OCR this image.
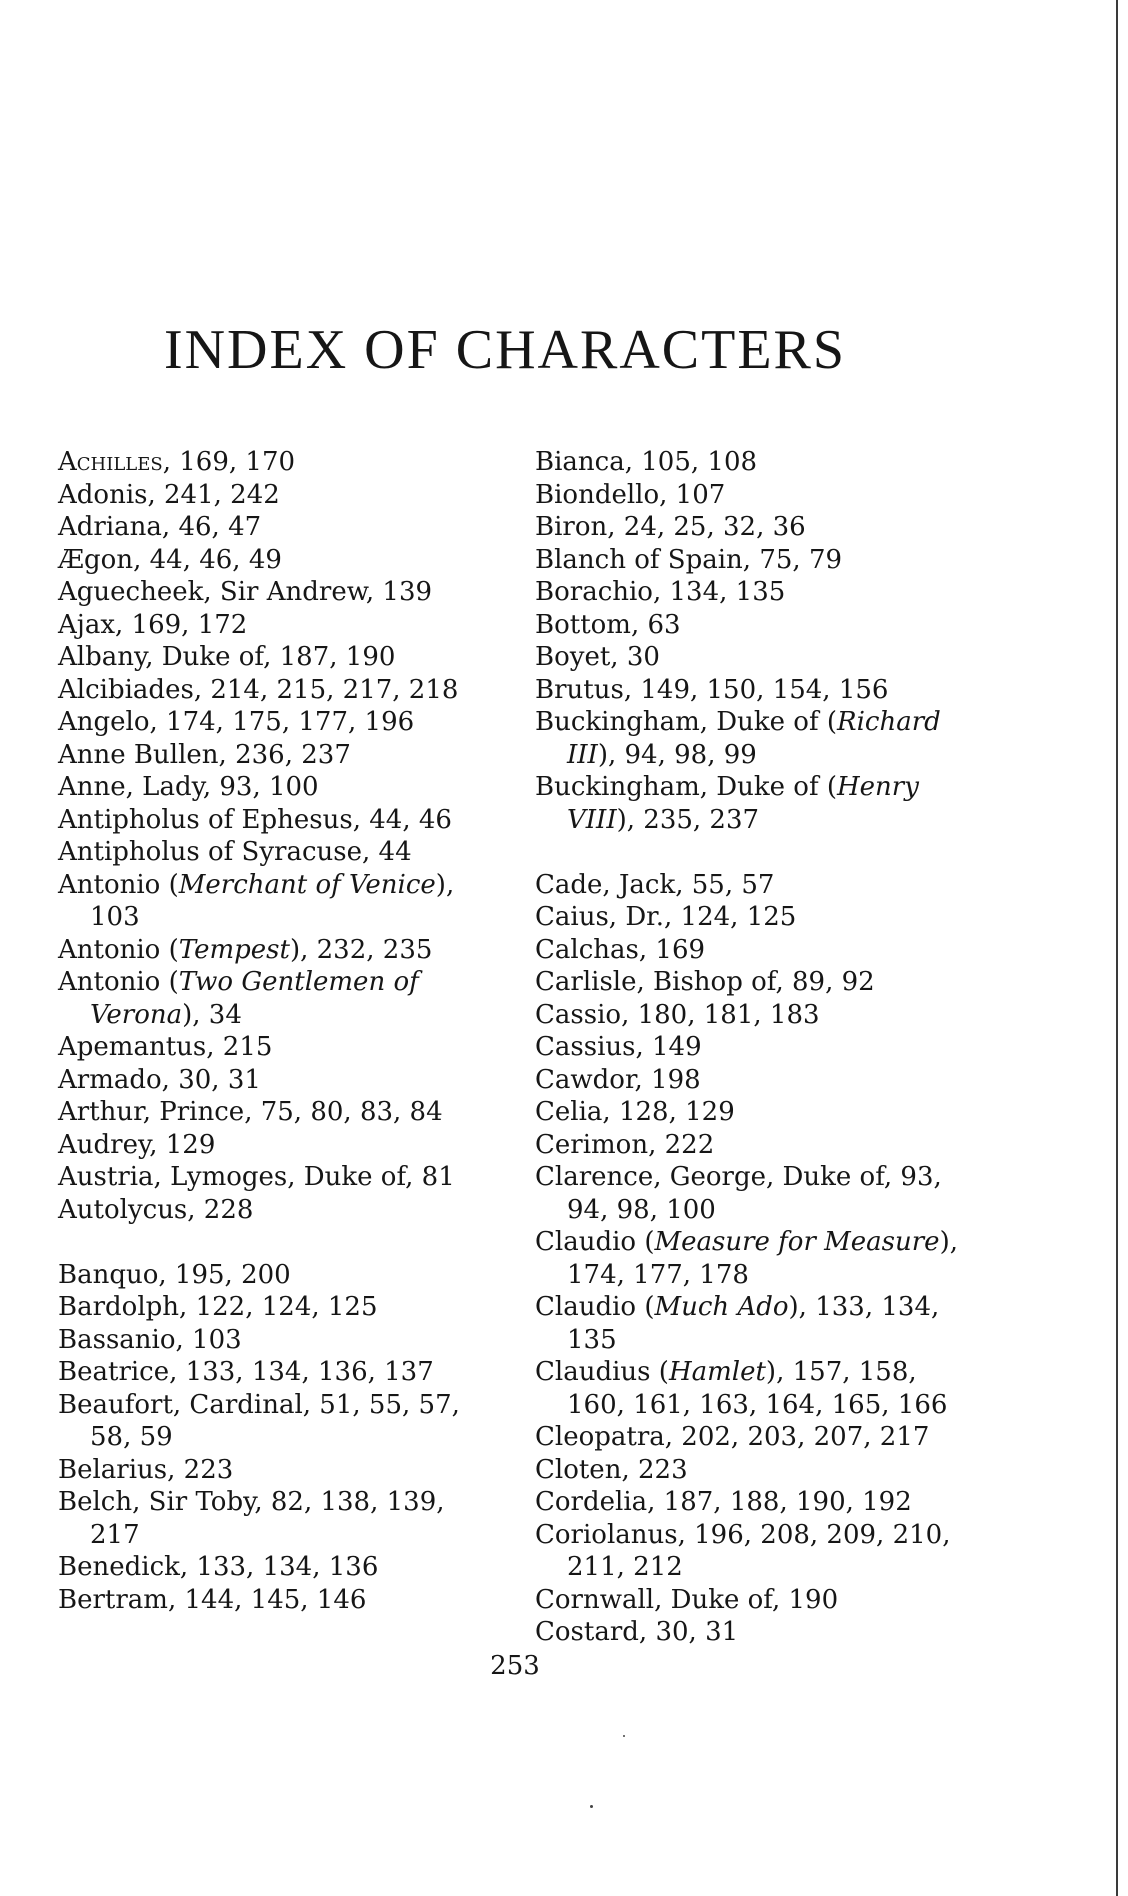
INDEX OF CHARACTERS
Achilles, 169, 170
Adonis, 241, 242
Adriana, 46, 47
Ægon, 44, 46, 49
Aguecheek, Sir Andrew, 139
Ajax, 169, 172
Albany, Duke of, 187, 190
Alcibiades, 214, 215, 217, 218
Angelo, 174, 175, 177, 196
Anne Bullen, 236, 237
Anne, Lady, 93, 100
Antipholus of Ephesus, 44, 46
Antipholus of Syracuse, 44
Antonio (Merchant of Venice), 103
Antonio (Tempest), 232, 235
Antonio (Two Gentlemen of Verona), 34
Apemantus, 215
Armado, 30, 31
Arthur, Prince, 75, 80, 83, 84
Audrey, 129
Austria, Lymoges, Duke of, 81
Autolycus, 228
Banquo, 195, 200
Bardolph, 122, 124, 125
Bassanio, 103
Beatrice, 133, 134, 136, 137
Beaufort, Cardinal, 51, 55, 57, 58, 59
Belarius, 223
Belch, Sir Toby, 82, 138, 139, 217
Benedick, 133, 134, 136
Bertram, 144, 145, 146
Bianca, 105, 108
Biondello, 107
Biron, 24, 25, 32, 36
Blanch of Spain, 75, 79
Borachio, 134, 135
Bottom, 63
Boyet, 30
Brutus, 149, 150, 154, 156
Buckingham, Duke of (Richard III), 94, 98, 99
Buckingham, Duke of (Henry VIII), 235, 237
Cade, Jack, 55, 57
Caius, Dr., 124, 125
Calchas, 169
Carlisle, Bishop of, 89, 92
Cassio, 180, 181, 183
Cassius, 149
Cawdor, 198
Celia, 128, 129
Cerimon, 222
Clarence, George, Duke of, 93, 94, 98, 100
Claudio (Measure for Measure), 174, 177, 178
Claudio (Much Ado), 133, 134, 135
Claudius (Hamlet), 157, 158, 160, 161, 163, 164, 165, 166
Cleopatra, 202, 203, 207, 217
Cloten, 223
Cordelia, 187, 188, 190, 192
Coriolanus, 196, 208, 209, 210, 211, 212
Cornwall, Duke of, 190
Costard, 30, 31
253
